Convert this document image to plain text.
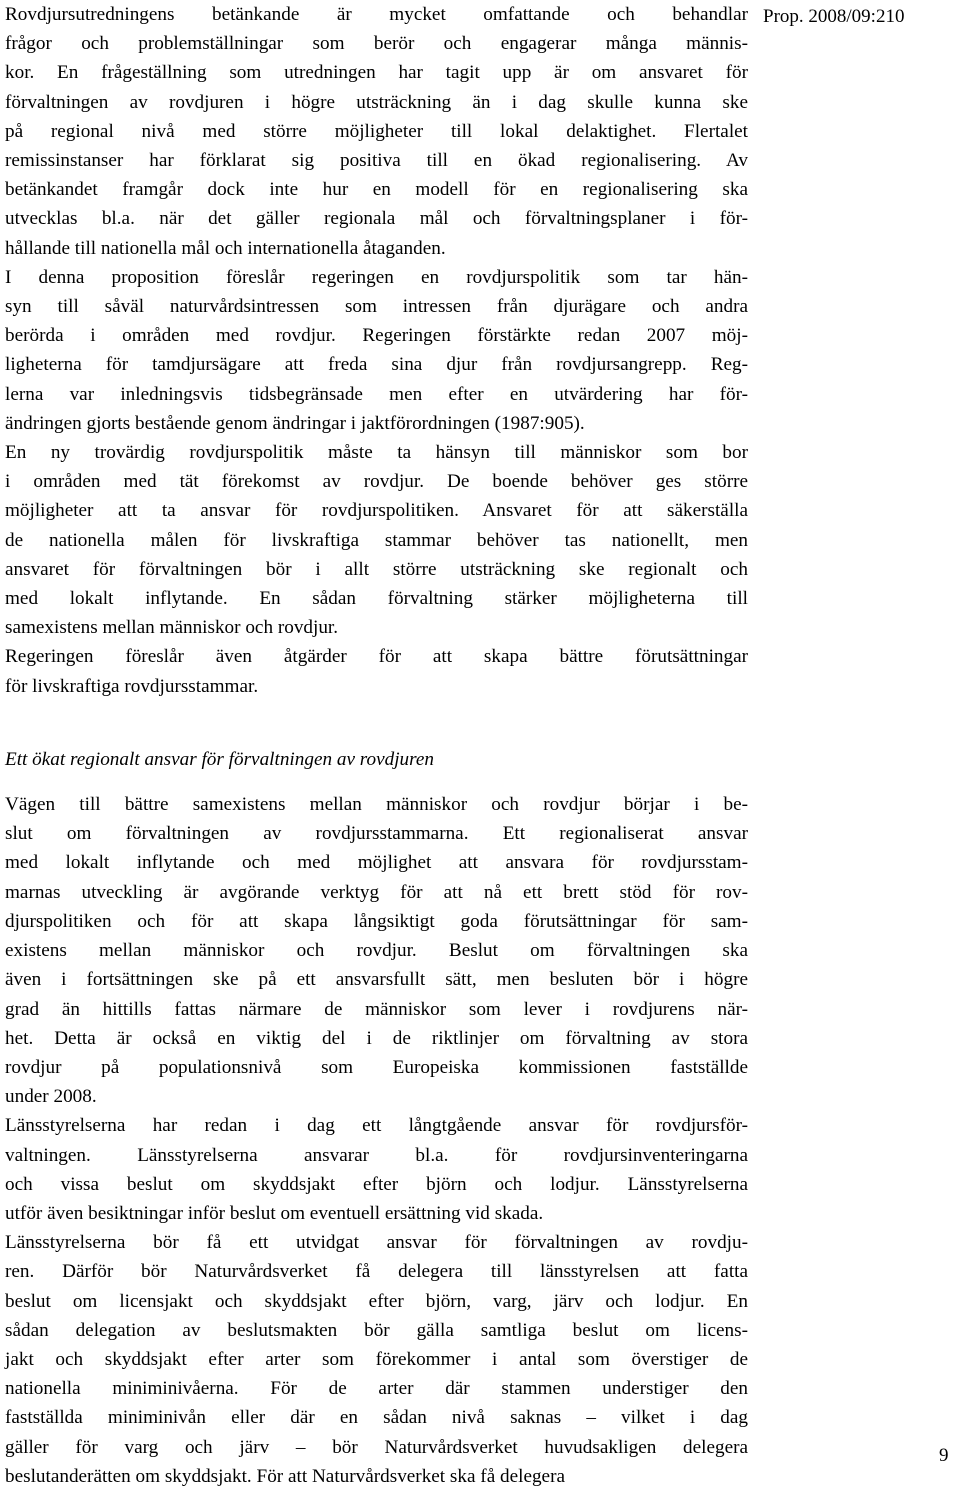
Prop. 2008/09:210
Rovdjursutredningens betänkande är mycket omfattande och behandlar
frågor och problemställningar som berör och engagerar många männis-
kor. En frågeställning som utredningen har tagit upp är om ansvaret för
förvaltningen av rovdjuren i högre utsträckning än i dag skulle kunna ske
på regional nivå med större möjligheter till lokal delaktighet. Flertalet
remissinstanser har förklarat sig positiva till en ökad regionalisering. Av
betänkandet framgår dock inte hur en modell för en regionalisering ska
utvecklas bl.a. när det gäller regionala mål och förvaltningsplaner i för-
hållande till nationella mål och internationella åtaganden.
I denna proposition föreslår regeringen en rovdjurspolitik som tar hän-
syn till såväl naturvårdsintressen som intressen från djurägare och andra
berörda i områden med rovdjur. Regeringen förstärkte redan 2007 möj-
ligheterna för tamdjursägare att freda sina djur från rovdjursangrepp. Reg-
lerna var inledningsvis tidsbegränsade men efter en utvärdering har för-
ändringen gjorts bestående genom ändringar i jaktförordningen (1987:905).
En ny trovärdig rovdjurspolitik måste ta hänsyn till människor som bor
i områden med tät förekomst av rovdjur. De boende behöver ges större
möjligheter att ta ansvar för rovdjurspolitiken. Ansvaret för att säkerställa
de nationella målen för livskraftiga stammar behöver tas nationellt, men
ansvaret för förvaltningen bör i allt större utsträckning ske regionalt och
med lokalt inflytande. En sådan förvaltning stärker möjligheterna till
samexistens mellan människor och rovdjur.
Regeringen föreslår även åtgärder för att skapa bättre förutsättningar
för livskraftiga rovdjursstammar.
Ett ökat regionalt ansvar för förvaltningen av rovdjuren
Vägen till bättre samexistens mellan människor och rovdjur börjar i be-
slut om förvaltningen av rovdjursstammarna. Ett regionaliserat ansvar
med lokalt inflytande och med möjlighet att ansvara för rovdjursstam-
marnas utveckling är avgörande verktyg för att nå ett brett stöd för rov-
djurspolitiken och för att skapa långsiktigt goda förutsättningar för sam-
existens mellan människor och rovdjur. Beslut om förvaltningen ska
även i fortsättningen ske på ett ansvarsfullt sätt, men besluten bör i högre
grad än hittills fattas närmare de människor som lever i rovdjurens när-
het. Detta är också en viktig del i de riktlinjer om förvaltning av stora
rovdjur på populationsnivå som Europeiska kommissionen fastställde
under 2008.
Länsstyrelserna har redan i dag ett långtgående ansvar för rovdjursför-
valtningen. Länsstyrelserna ansvarar bl.a. för rovdjursinventeringarna
och vissa beslut om skyddsjakt efter björn och lodjur. Länsstyrelserna
utför även besiktningar inför beslut om eventuell ersättning vid skada.
Länsstyrelserna bör få ett utvidgat ansvar för förvaltningen av rovdju-
ren. Därför bör Naturvårdsverket få delegera till länsstyrelsen att fatta
beslut om licensjakt och skyddsjakt efter björn, varg, järv och lodjur. En
sådan delegation av beslutsmakten bör gälla samtliga beslut om licens-
jakt och skyddsjakt efter arter som förekommer i antal som överstiger de
nationella miniminivåerna. För de arter där stammen understiger den
fastställda miniminivån eller där en sådan nivå saknas – vilket i dag
gäller för varg och järv – bör Naturvårdsverket huvudsakligen delegera
beslutanderätten om skyddsjakt. För att Naturvårdsverket ska få delegera
9
